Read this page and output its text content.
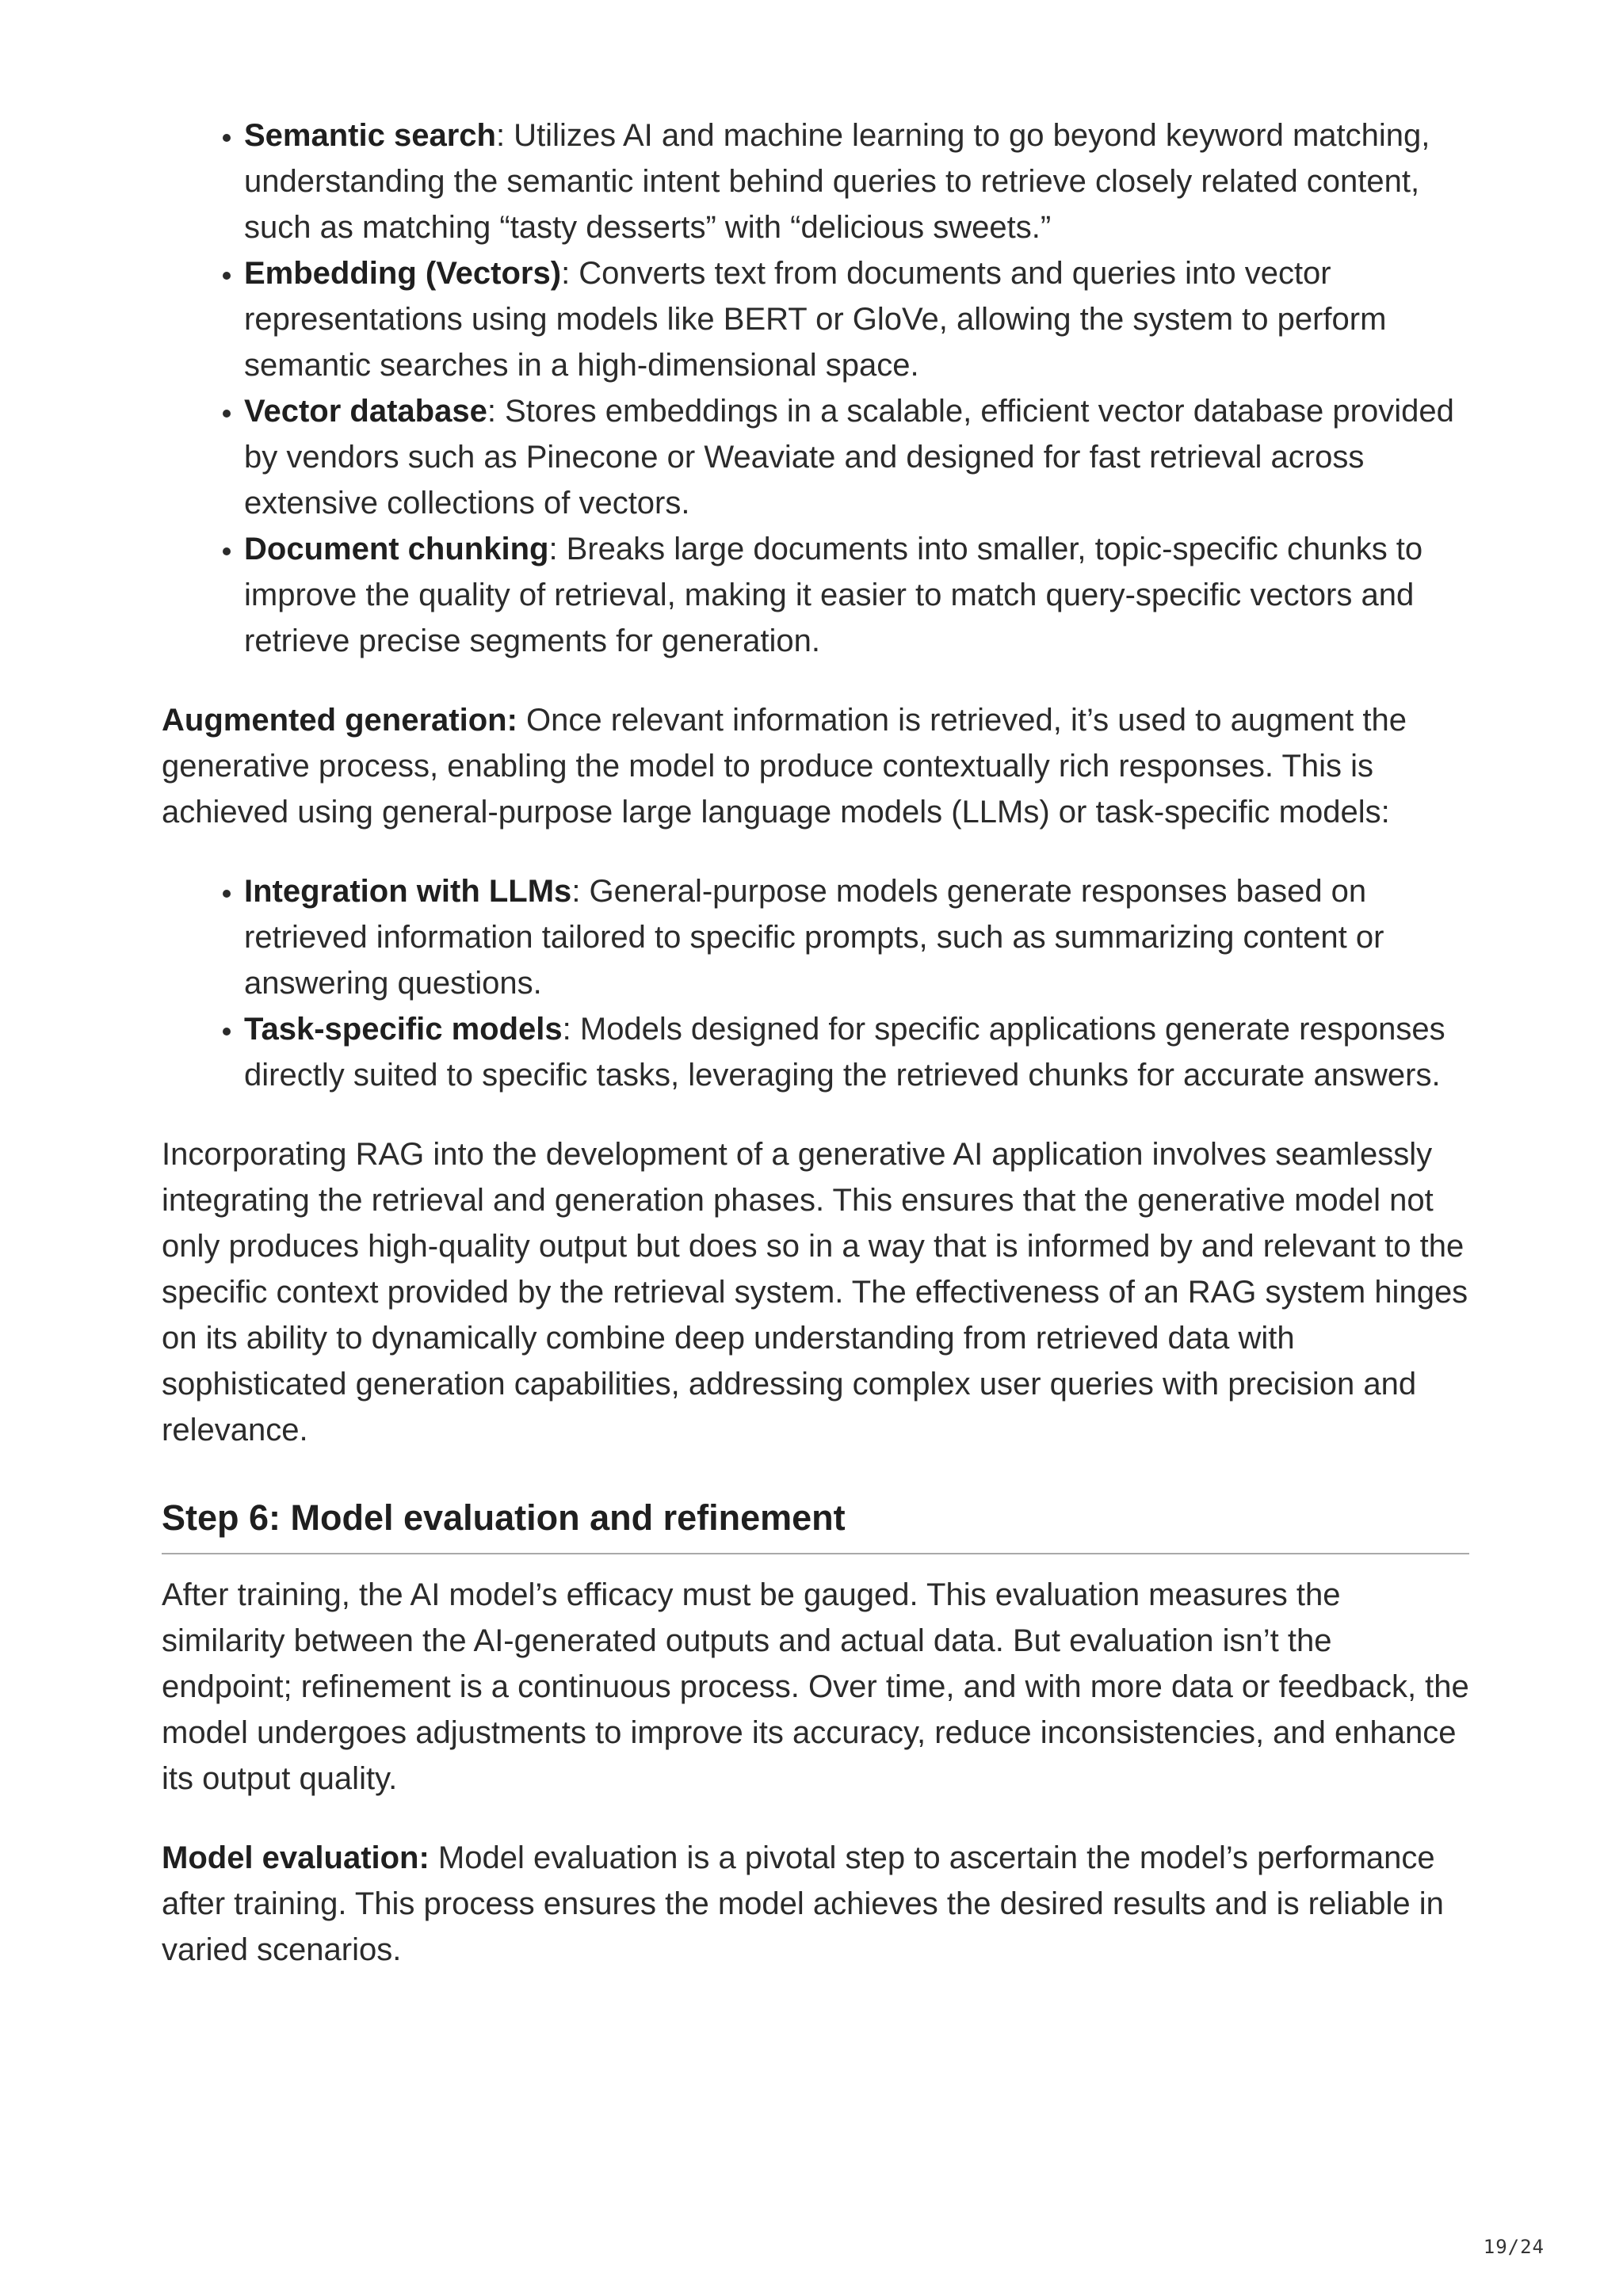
• Semantic search: Utilizes AI and machine learning to go beyond keyword matching, understanding the semantic intent behind queries to retrieve closely related content, such as matching “tasty desserts” with “delicious sweets.”
• Embedding (Vectors): Converts text from documents and queries into vector representations using models like BERT or GloVe, allowing the system to perform semantic searches in a high-dimensional space.
• Vector database: Stores embeddings in a scalable, efficient vector database provided by vendors such as Pinecone or Weaviate and designed for fast retrieval across extensive collections of vectors.
• Document chunking: Breaks large documents into smaller, topic-specific chunks to improve the quality of retrieval, making it easier to match query-specific vectors and retrieve precise segments for generation.

Augmented generation: Once relevant information is retrieved, it’s used to augment the generative process, enabling the model to produce contextually rich responses. This is achieved using general-purpose large language models (LLMs) or task-specific models:

• Integration with LLMs: General-purpose models generate responses based on retrieved information tailored to specific prompts, such as summarizing content or answering questions.
• Task-specific models: Models designed for specific applications generate responses directly suited to specific tasks, leveraging the retrieved chunks for accurate answers.

Incorporating RAG into the development of a generative AI application involves seamlessly integrating the retrieval and generation phases. This ensures that the generative model not only produces high-quality output but does so in a way that is informed by and relevant to the specific context provided by the retrieval system. The effectiveness of an RAG system hinges on its ability to dynamically combine deep understanding from retrieved data with sophisticated generation capabilities, addressing complex user queries with precision and relevance.

Step 6: Model evaluation and refinement

After training, the AI model’s efficacy must be gauged. This evaluation measures the similarity between the AI-generated outputs and actual data. But evaluation isn’t the endpoint; refinement is a continuous process. Over time, and with more data or feedback, the model undergoes adjustments to improve its accuracy, reduce inconsistencies, and enhance its output quality.

Model evaluation: Model evaluation is a pivotal step to ascertain the model’s performance after training. This process ensures the model achieves the desired results and is reliable in varied scenarios.

19/24
